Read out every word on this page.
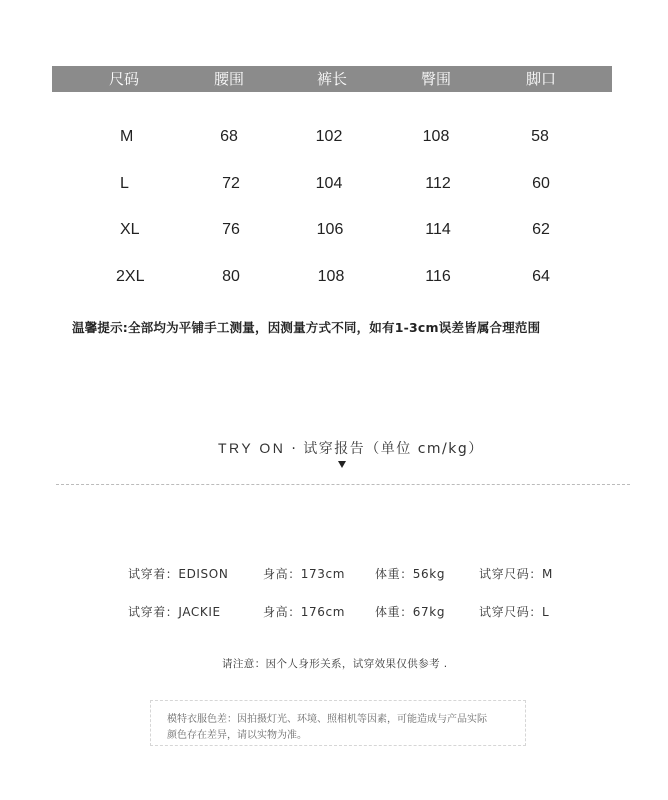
尺码	腰围	裤长	臀围	脚口
M	68	102	108	58
L	72	104	112	60
XL	76	106	114	62
2XL	80	108	116	64
温馨提示:全部均为平铺手工测量，因测量方式不同，如有1-3cm误差皆属合理范围
TRY ON · 试穿报告（单位 cm/kg）
试穿着：EDISON	身高：173cm	体重：56kg	试穿尺码：M
试穿着：JACKIE	身高：176cm	体重：67kg	试穿尺码：L
请注意：因个人身形关系，试穿效果仅供参考 .
模特衣服色差：因拍摄灯光、环境、照相机等因素，可能造成与产品实际
颜色存在差异，请以实物为准。
